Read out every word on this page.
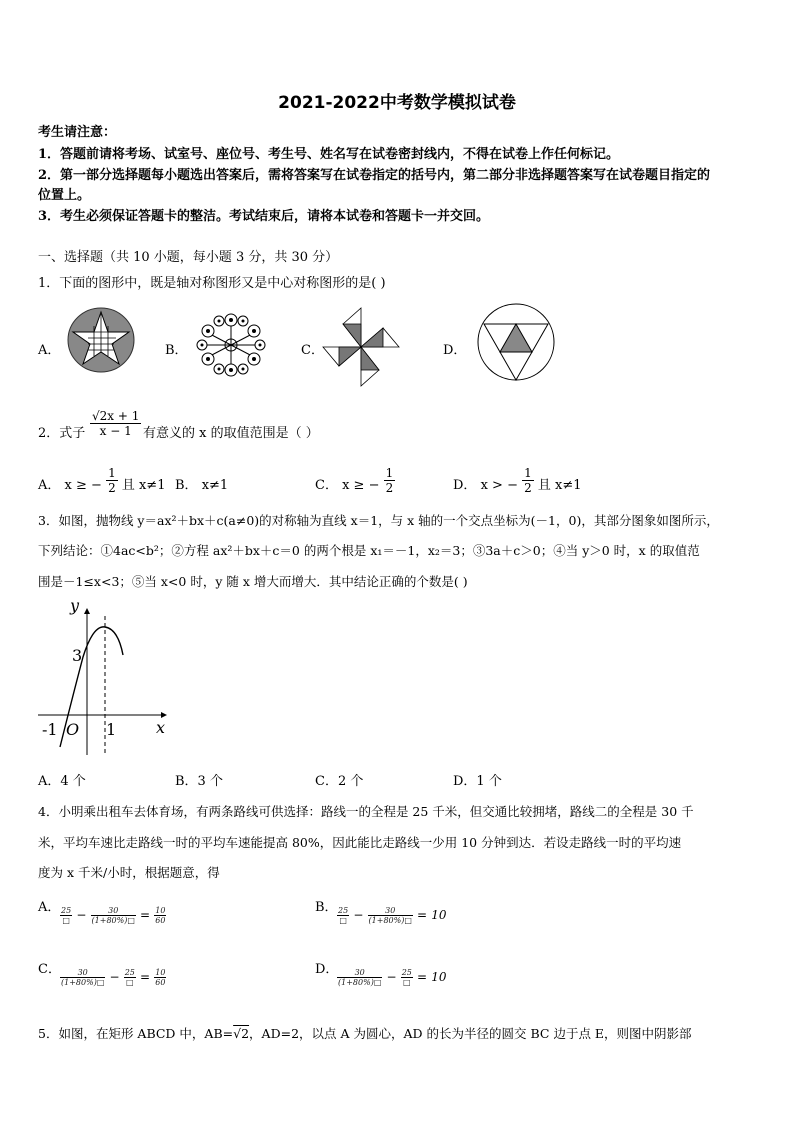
2021-2022中考数学模拟试卷
考生请注意：
1．答题前请将考场、试室号、座位号、考生号、姓名写在试卷密封线内，不得在试卷上作任何标记。
2．第一部分选择题每小题选出答案后，需将答案写在试卷指定的括号内，第二部分非选择题答案写在试卷题目指定的
位置上。
3．考生必须保证答题卡的整洁。考试结束后，请将本试卷和答题卡一并交回。
一、选择题（共 10 小题，每小题 3 分，共 30 分）
1．下面的图形中，既是轴对称图形又是中心对称图形的是( )
A．	B．	C．	D．
2．式子 $\frac{√2x + 1}{x - 1}$ 有意义的 x 的取值范围是（ ）
A． x ≥ − $\frac{1}{2}$ 且 x≠1 B． x≠1	C． x ≥ − $\frac{1}{2}$	D． x > − $\frac{1}{2}$ 且 x≠1
3．如图，抛物线 y＝ax²＋bx＋c(a≠0)的对称轴为直线 x＝1，与 x 轴的一个交点坐标为(－1，0)，其部分图象如图所示，
下列结论：①4ac<b²；②方程 ax²＋bx＋c＝0 的两个根是 x₁＝－1，x₂＝3；③3a＋c＞0；④当 y＞0 时，x 的取值范
围是－1≤x<3；⑤当 x<0 时，y 随 x 增大而增大．其中结论正确的个数是( )
y
x
3
-1 O 1
A．4 个	B．3 个	C．2 个	D．1 个
4．小明乘出租车去体育场，有两条路线可供选择：路线一的全程是 25 千米，但交通比较拥堵，路线二的全程是 30 千
米，平均车速比走路线一时的平均车速能提高 80%，因此能比走路线一少用 10 分钟到达．若设走路线一时的平均速
度为 x 千米/小时，根据题意，得
A． $\frac{25}{□} - \frac{30}{(1+80\%)□} = \frac{10}{60}$	B． $\frac{25}{□} - \frac{30}{(1+80\%)□} = 10$
C． $\frac{30}{(1+80\%)□} - \frac{25}{□} = \frac{10}{60}$	D．
$\frac{30}{(1+80\%)□} - \frac{25}{□} = 10$
5．如图，在矩形 ABCD 中，AB=√2，AD=2，以点 A 为圆心，AD 的长为半径的圆交 BC 边于点 E，则图中阴影部
